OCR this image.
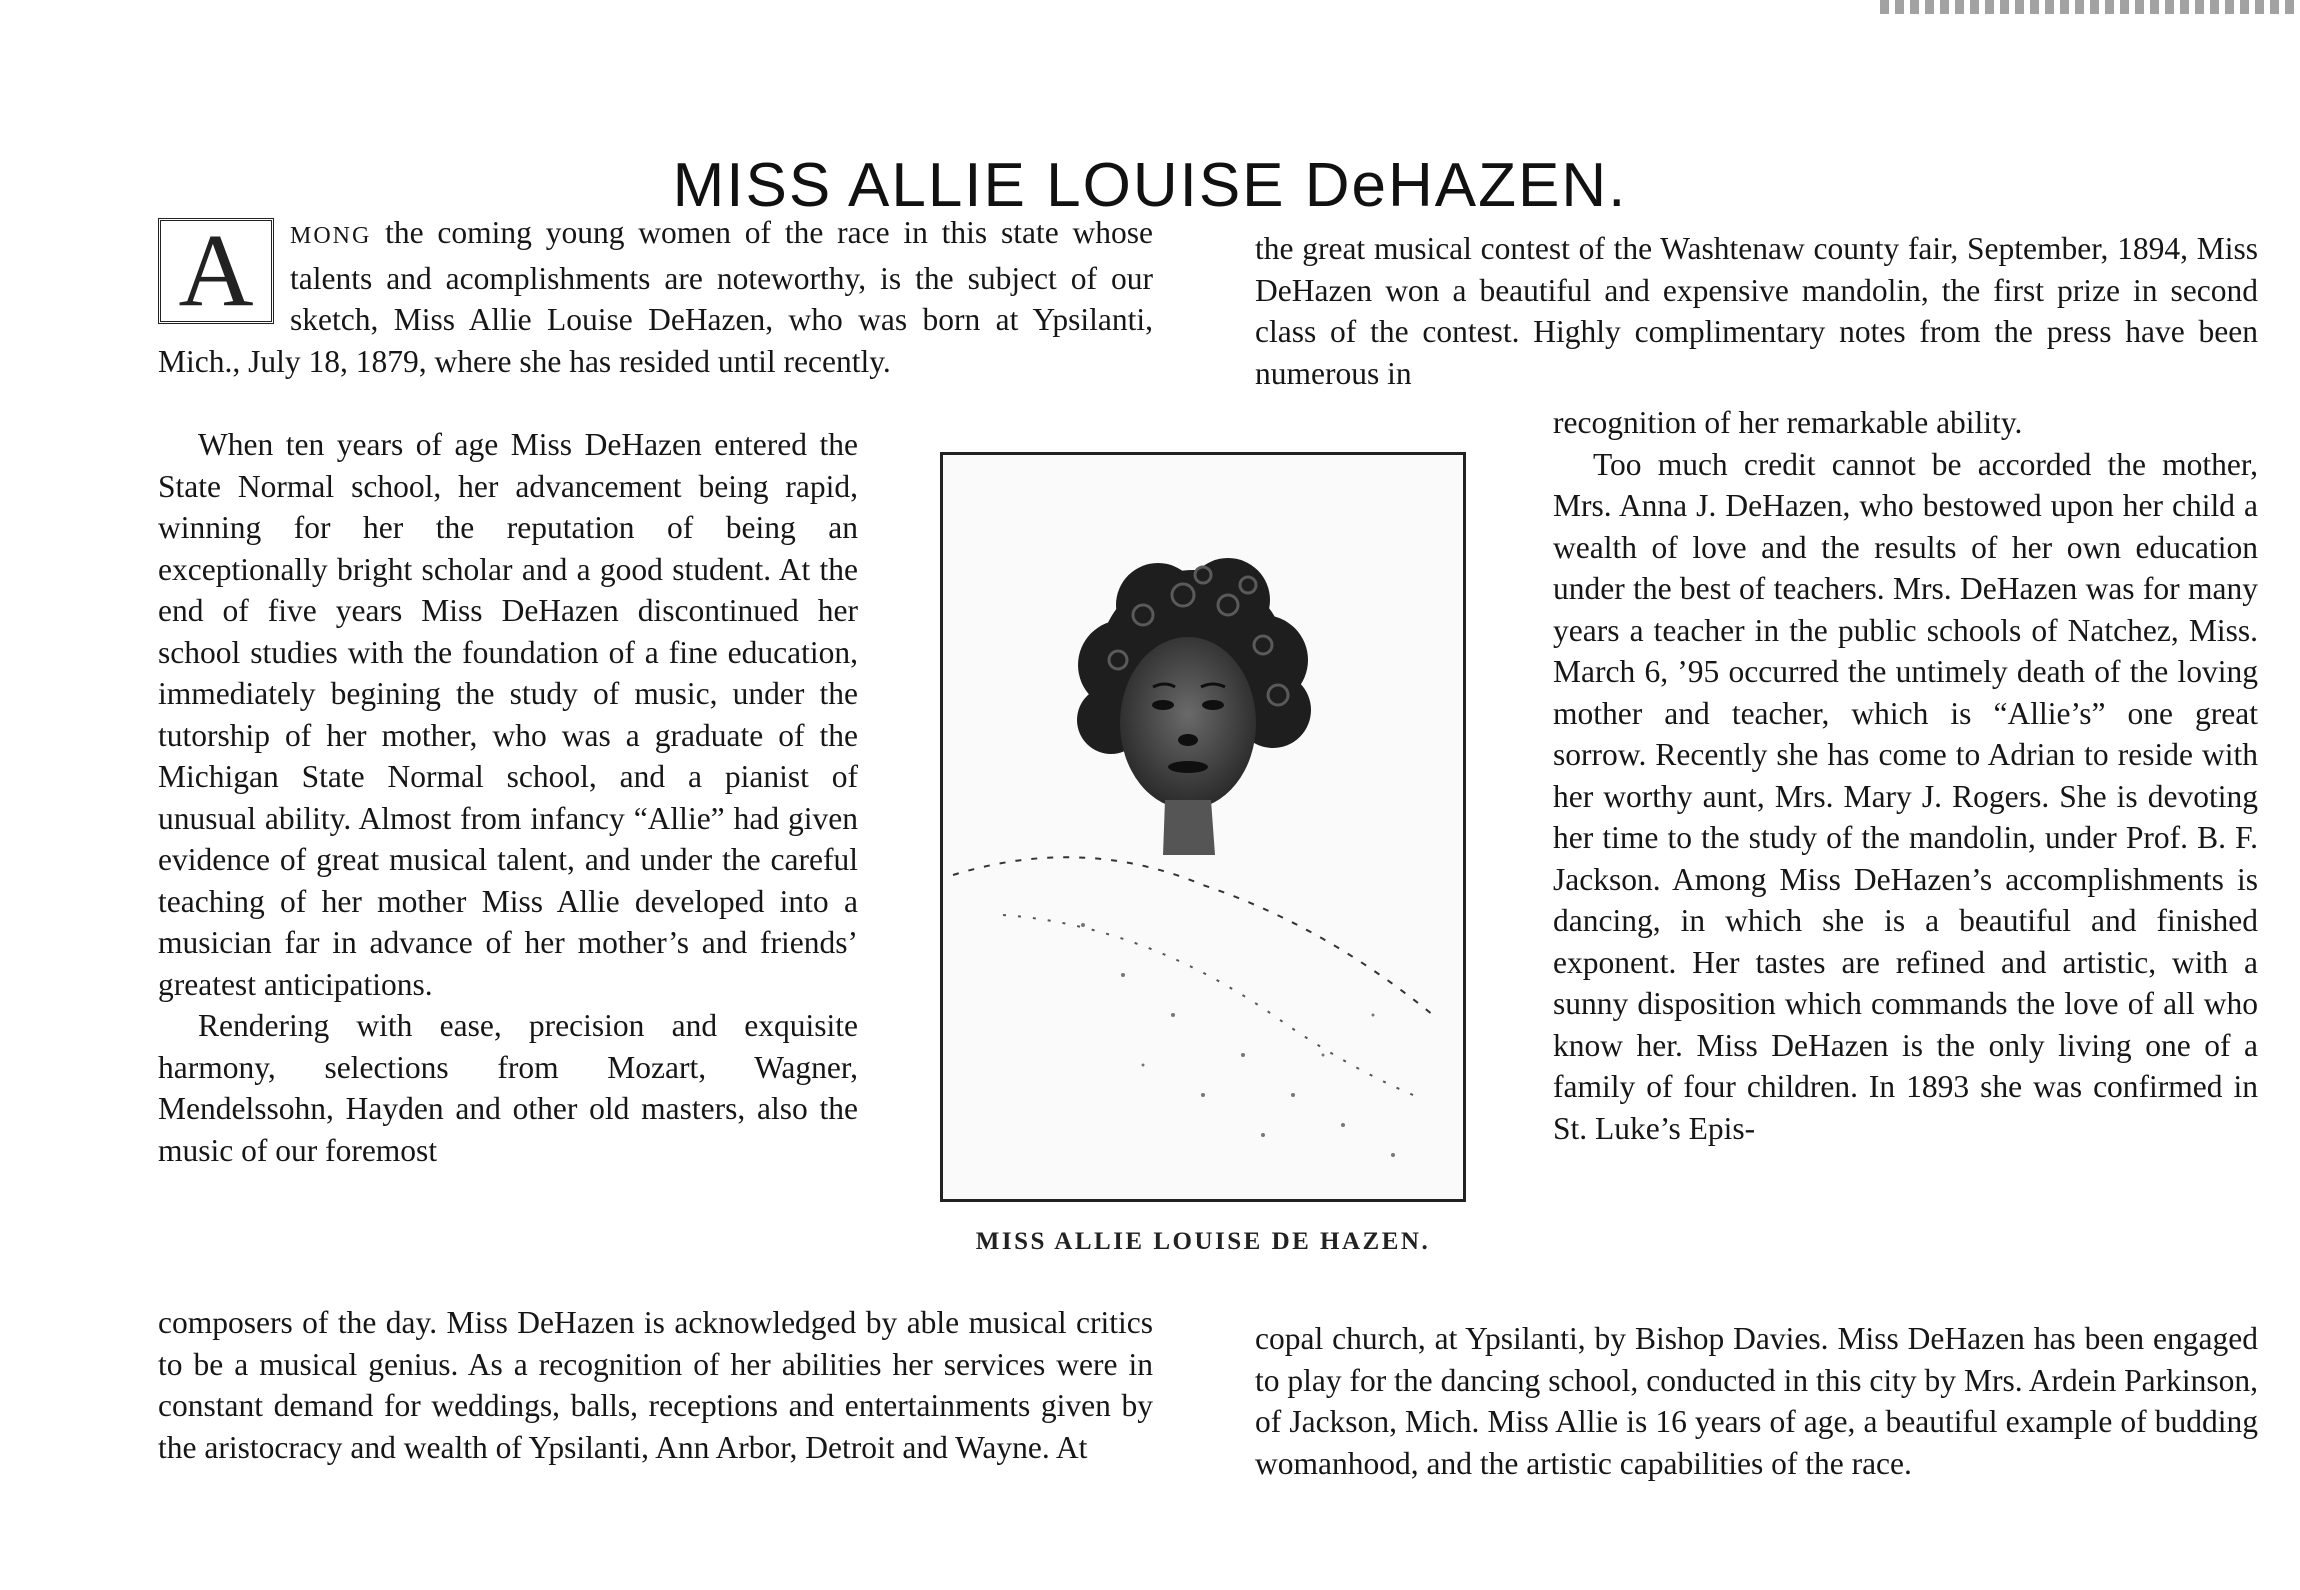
MISS ALLIE LOUISE DeHAZEN.

A	MONG the coming young women of the race in this state whose talents and acomplishments are noteworthy, is the subject of our sketch, Miss Allie Louise DeHazen, who was born at Ypsilanti, Mich., July 18, 1879, where she has resided until recently.

When ten years of age Miss DeHazen entered the State Normal school, her advancement being rapid, winning for her the reputation of being an exceptionally bright scholar and a good student. At the end of five years Miss DeHazen discontinued her school studies with the foundation of a fine education, immediately begining the study of music, under the tutorship of her mother, who was a graduate of the Michigan State Normal school, and a pianist of unusual ability. Almost from infancy “Allie” had given evidence of great musical talent, and under the careful teaching of her mother Miss Allie developed into a musician far in advance of her mother’s and friends’ greatest anticipations.

Rendering with ease, precision and exquisite harmony, selections from Mozart, Wagner, Mendelssohn, Hayden and other old masters, also the music of our foremost

composers of the day. Miss DeHazen is acknowledged by able musical critics to be a musical genius. As a recognition of her abilities her services were in constant demand for weddings, balls, receptions and entertainments given by the aristocracy and wealth of Ypsilanti, Ann Arbor, Detroit and Wayne. At

the great musical contest of the Washtenaw county fair, September, 1894, Miss DeHazen won a beautiful and expensive mandolin, the first prize in second class of the contest. Highly complimentary notes from the press have been numerous in

recognition of her remarkable ability.

Too much credit cannot be accorded the mother, Mrs. Anna J. DeHazen, who bestowed upon her child a wealth of love and the results of her own education under the best of teachers. Mrs. DeHazen was for many years a teacher in the public schools of Natchez, Miss. March 6, ’95 occurred the untimely death of the loving mother and teacher, which is “Allie’s” one great sorrow. Recently she has come to Adrian to reside with her worthy aunt, Mrs. Mary J. Rogers. She is devoting her time to the study of the mandolin, under Prof. B. F. Jackson. Among Miss DeHazen’s accomplishments is dancing, in which she is a beautiful and finished exponent. Her tastes are refined and artistic, with a sunny disposition which commands the love of all who know her. Miss DeHazen is the only living one of a family of four children. In 1893 she was confirmed in St. Luke’s Epis-

copal church, at Ypsilanti, by Bishop Davies. Miss DeHazen has been engaged to play for the dancing school, conducted in this city by Mrs. Ardein Parkinson, of Jackson, Mich. Miss Allie is 16 years of age, a beautiful example of budding womanhood, and the artistic capabilities of the race.

MISS ALLIE LOUISE DE HAZEN.
